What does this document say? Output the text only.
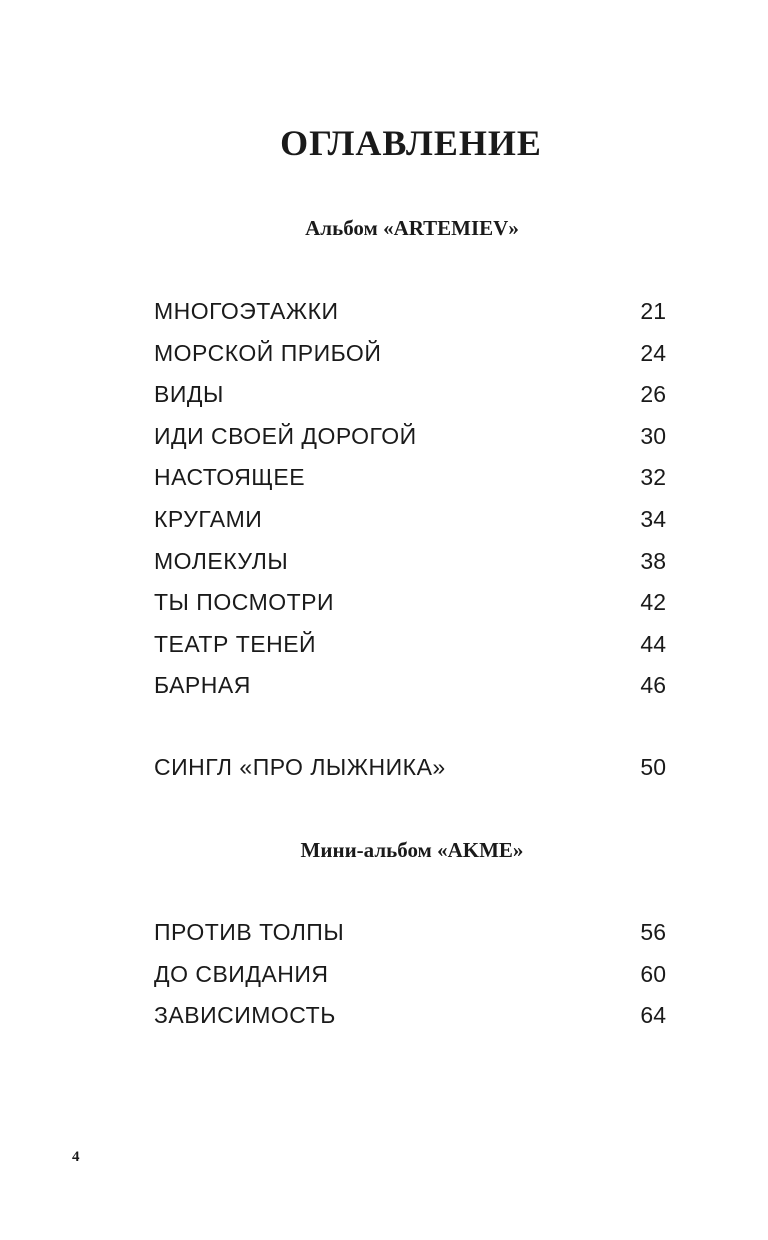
ОГЛАВЛЕНИЕ
Альбом «ARTEMIEV»
МНОГОЭТАЖКИ	21
МОРСКОЙ ПРИБОЙ	24
ВИДЫ	26
ИДИ СВОЕЙ ДОРОГОЙ	30
НАСТОЯЩЕЕ	32
КРУГАМИ	34
МОЛЕКУЛЫ	38
ТЫ ПОСМОТРИ	42
ТЕАТР ТЕНЕЙ	44
БАРНАЯ	46
СИНГЛ «ПРО ЛЫЖНИКА»	50
Мини-альбом «AKME»
ПРОТИВ ТОЛПЫ	56
ДО СВИДАНИЯ	60
ЗАВИСИМОСТЬ	64
4
